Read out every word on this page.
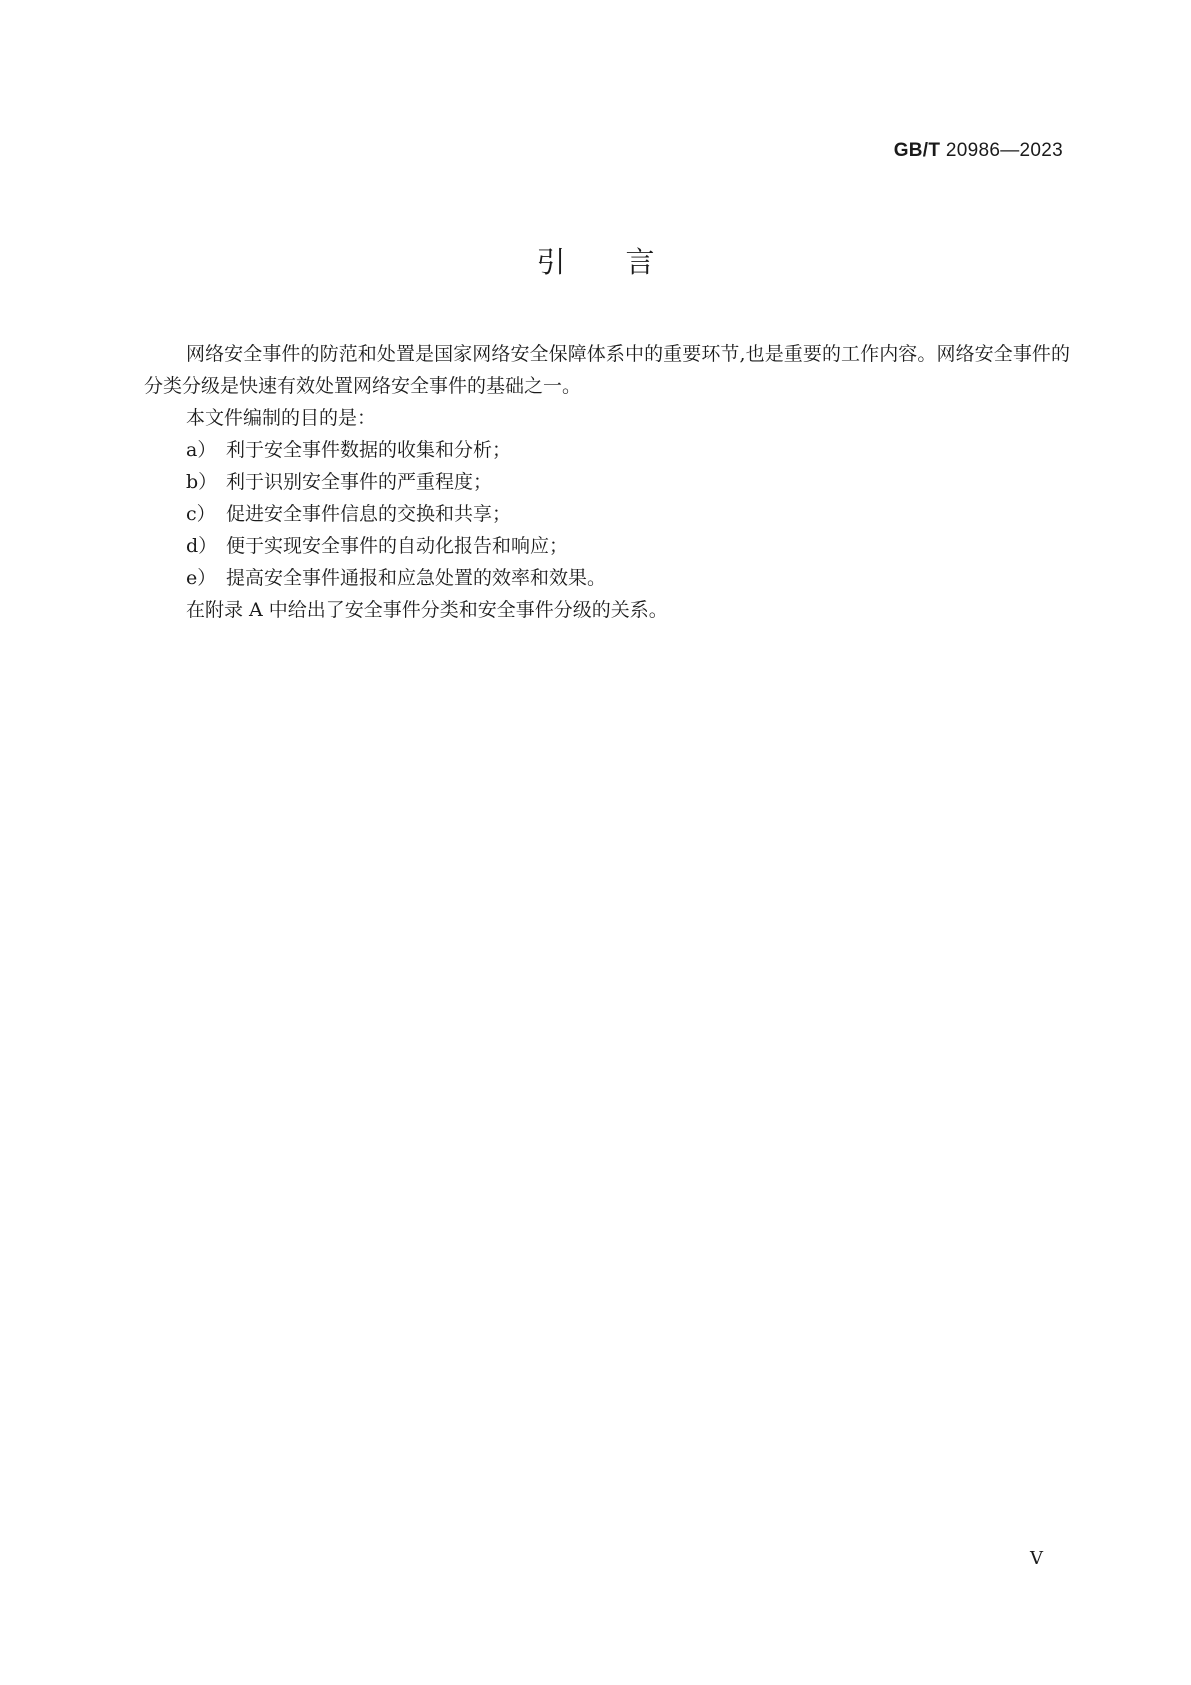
GB/T 20986—2023
引言

网络安全事件的防范和处置是国家网络安全保障体系中的重要环节,也是重要的工作内容。网络安全事件的分类分级是快速有效处置网络安全事件的基础之一。

本文件编制的目的是：

a） 利于安全事件数据的收集和分析；

b） 利于识别安全事件的严重程度；

c） 促进安全事件信息的交换和共享；

d） 便于实现安全事件的自动化报告和响应；

e） 提高安全事件通报和应急处置的效率和效果。

在附录 A 中给出了安全事件分类和安全事件分级的关系。

V
